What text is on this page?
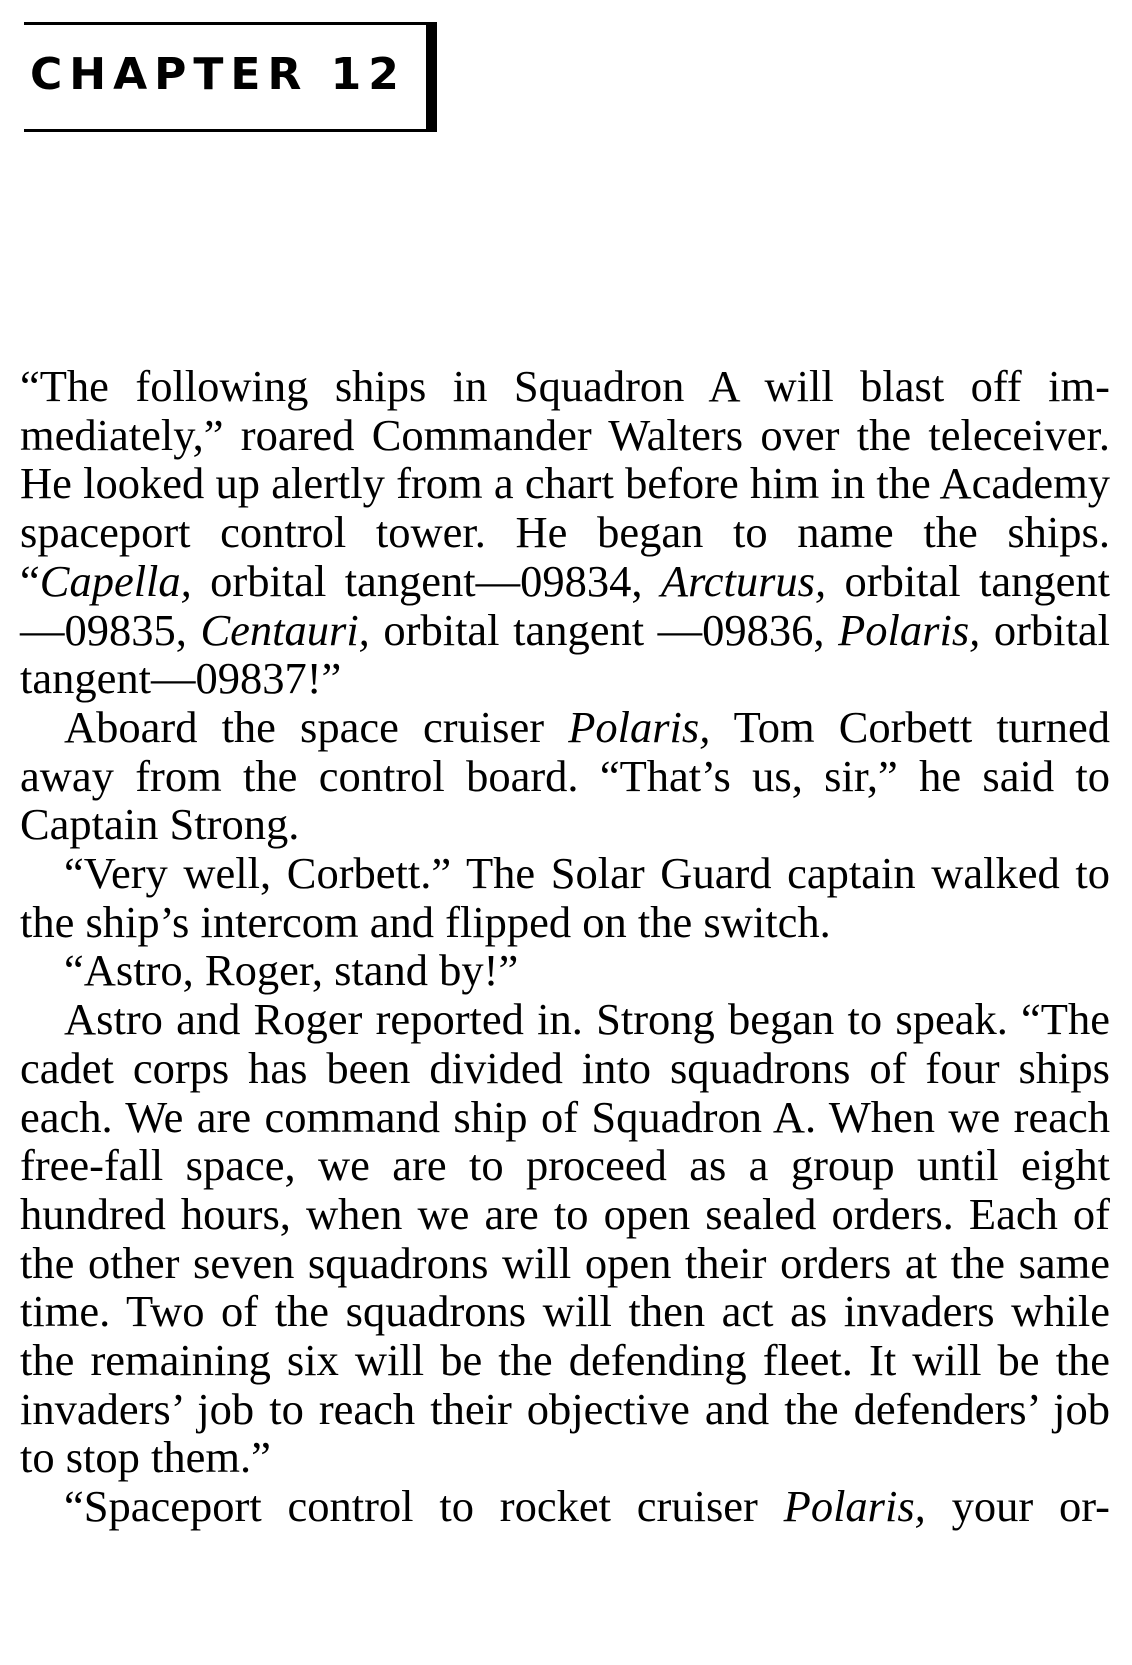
CHAPTER 12

“The following ships in Squadron A will blast off immediately,” roared Commander Walters over the teleceiver. He looked up alertly from a chart before him in the Academy spaceport control tower. He began to name the ships. “Capella, orbital tangent—09834, Arcturus, orbital tangent—09835, Centauri, orbital tangent —09836, Polaris, orbital tangent—09837!”

Aboard the space cruiser Polaris, Tom Corbett turned away from the control board. “That’s us, sir,” he said to Captain Strong.

“Very well, Corbett.” The Solar Guard captain walked to the ship’s intercom and flipped on the switch.

“Astro, Roger, stand by!”

Astro and Roger reported in. Strong began to speak. “The cadet corps has been divided into squadrons of four ships each. We are command ship of Squadron A. When we reach free-fall space, we are to proceed as a group until eight hundred hours, when we are to open sealed orders. Each of the other seven squadrons will open their orders at the same time. Two of the squadrons will then act as invaders while the remaining six will be the defending fleet. It will be the invaders’ job to reach their objective and the defenders’ job to stop them.”

“Spaceport control to rocket cruiser Polaris, your or-
